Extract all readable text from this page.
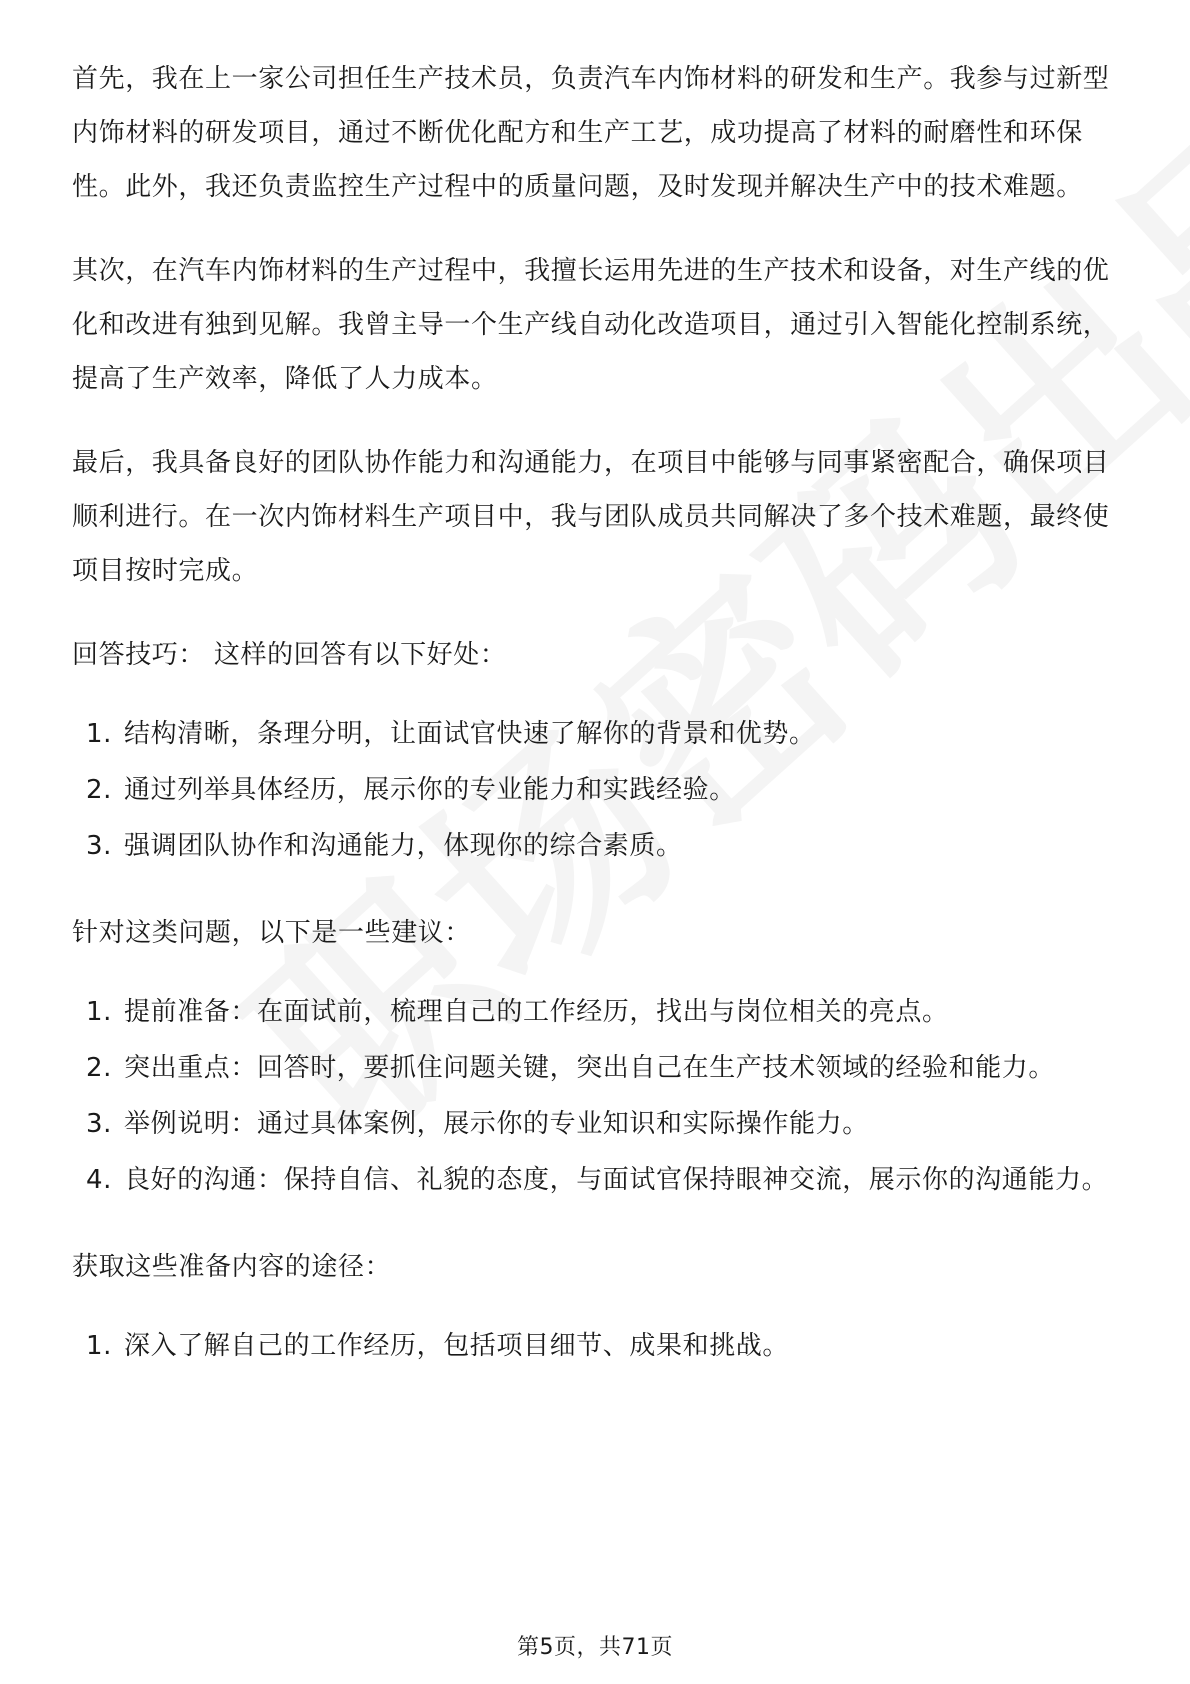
首先，我在上一家公司担任生产技术员，负责汽车内饰材料的研发和生产。我参与过新型内饰材料的研发项目，通过不断优化配方和生产工艺，成功提高了材料的耐磨性和环保性。此外，我还负责监控生产过程中的质量问题，及时发现并解决生产中的技术难题。

其次，在汽车内饰材料的生产过程中，我擅长运用先进的生产技术和设备，对生产线的优化和改进有独到见解。我曾主导一个生产线自动化改造项目，通过引入智能化控制系统，提高了生产效率，降低了人力成本。

最后，我具备良好的团队协作能力和沟通能力，在项目中能够与同事紧密配合，确保项目顺利进行。在一次内饰材料生产项目中，我与团队成员共同解决了多个技术难题，最终使项目按时完成。

回答技巧： 这样的回答有以下好处：
1. 结构清晰，条理分明，让面试官快速了解你的背景和优势。
2. 通过列举具体经历，展示你的专业能力和实践经验。
3. 强调团队协作和沟通能力，体现你的综合素质。
针对这类问题，以下是一些建议：
1. 提前准备：在面试前，梳理自己的工作经历，找出与岗位相关的亮点。
2. 突出重点：回答时，要抓住问题关键，突出自己在生产技术领域的经验和能力。
3. 举例说明：通过具体案例，展示你的专业知识和实际操作能力。
4. 良好的沟通：保持自信、礼貌的态度，与面试官保持眼神交流，展示你的沟通能力。
获取这些准备内容的途径：
1. 深入了解自己的工作经历，包括项目细节、成果和挑战。
第5页，共71页
